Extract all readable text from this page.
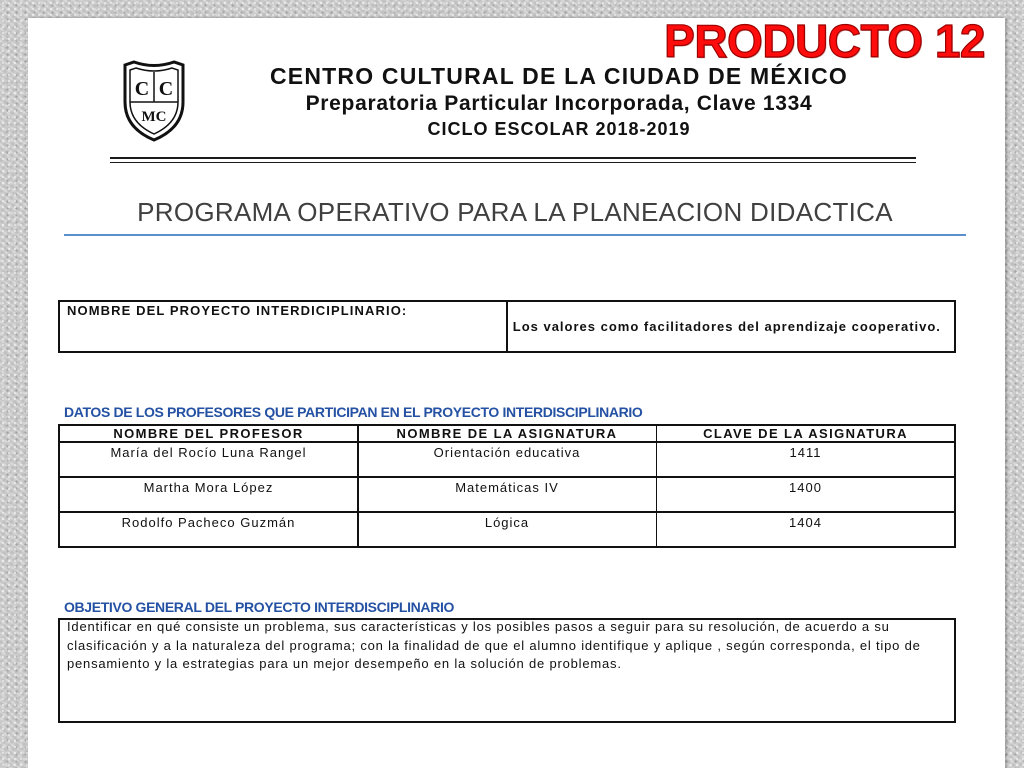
C C
MC
CENTRO CULTURAL DE LA CIUDAD DE MÉXICO
Preparatoria Particular Incorporada, Clave 1334
CICLO ESCOLAR 2018-2019
PROGRAMA OPERATIVO PARA LA PLANEACION DIDACTICA
NOMBRE DEL PROYECTO INTERDICIPLINARIO:
Los valores como facilitadores del aprendizaje cooperativo.
DATOS DE LOS PROFESORES QUE PARTICIPAN EN EL PROYECTO INTERDISCIPLINARIO
NOMBRE DEL PROFESOR	NOMBRE DE LA ASIGNATURA	CLAVE DE LA ASIGNATURA
María del Rocío Luna Rangel	Orientación educativa	1411
Martha Mora López	Matemáticas IV	1400
Rodolfo Pacheco Guzmán	Lógica	1404
OBJETIVO GENERAL DEL PROYECTO INTERDISCIPLINARIO
Identificar en qué consiste un problema, sus características y los posibles pasos a seguir para su resolución, de acuerdo a su
clasificación y a la naturaleza del programa; con la finalidad de que el alumno identifique y aplique , según corresponda, el tipo de
pensamiento y la estrategias para un mejor desempeño en la solución de problemas.
PRODUCTO 12
